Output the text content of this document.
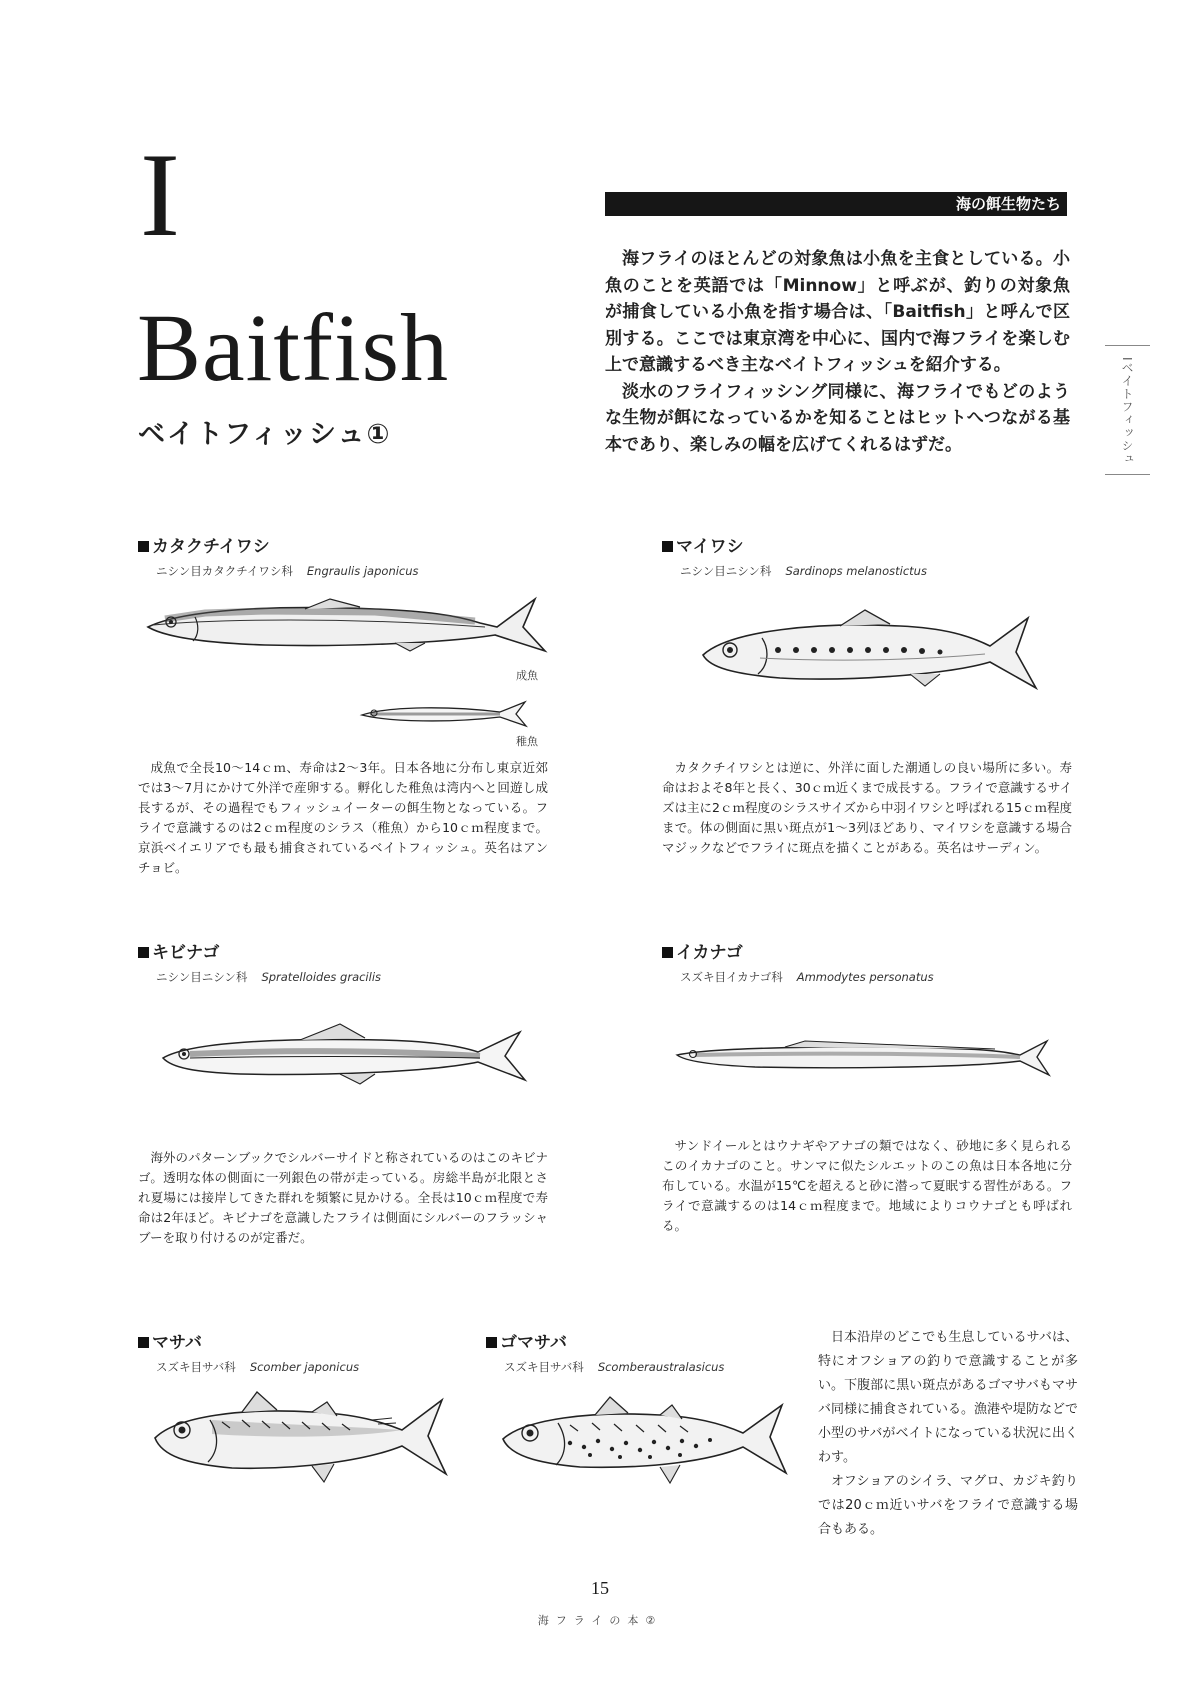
I
Baitfish
ベイトフィッシュ①
海の餌生物たち

海フライのほとんどの対象魚は小魚を主食としている。小魚のことを英語では「Minnow」と呼ぶが、釣りの対象魚が捕食している小魚を指す場合は、「Baitfish」と呼んで区別する。ここでは東京湾を中心に、国内で海フライを楽しむ上で意識するべき主なベイトフィッシュを紹介する。

淡水のフライフィッシング同様に、海フライでもどのような生物が餌になっているかを知ることはヒットへつながる基本であり、楽しみの幅を広げてくれるはずだ。	Iベイトフィッシュ
カタクチイワシ
ニシン目カタクチイワシ科 Engraulis japonicus
成魚
稚魚

成魚で全長10〜14ｃｍ、寿命は2〜3年。日本各地に分布し東京近郊では3〜7月にかけて外洋で産卵する。孵化した稚魚は湾内へと回遊し成長するが、その過程でもフィッシュイーターの餌生物となっている。フライで意識するのは2ｃｍ程度のシラス（稚魚）から10ｃｍ程度まで。京浜ベイエリアでも最も捕食されているベイトフィッシュ。英名はアンチョビ。

マイワシ
ニシン目ニシン科 Sardinops melanostictus

カタクチイワシとは逆に、外洋に面した潮通しの良い場所に多い。寿命はおよそ8年と長く、30ｃｍ近くまで成長する。フライで意識するサイズは主に2ｃｍ程度のシラスサイズから中羽イワシと呼ばれる15ｃｍ程度まで。体の側面に黒い斑点が1〜3列ほどあり、マイワシを意識する場合マジックなどでフライに斑点を描くことがある。英名はサーディン。

キビナゴ
ニシン目ニシン科 Spratelloides gracilis

海外のパターンブックでシルバーサイドと称されているのはこのキビナゴ。透明な体の側面に一列銀色の帯が走っている。房総半島が北限とされ夏場には接岸してきた群れを頻繁に見かける。全長は10ｃｍ程度で寿命は2年ほど。キビナゴを意識したフライは側面にシルバーのフラッシャブーを取り付けるのが定番だ。

イカナゴ
スズキ目イカナゴ科 Ammodytes personatus

サンドイールとはウナギやアナゴの類ではなく、砂地に多く見られるこのイカナゴのこと。サンマに似たシルエットのこの魚は日本各地に分布している。水温が15℃を超えると砂に潜って夏眠する習性がある。フライで意識するのは14ｃｍ程度まで。地域によりコウナゴとも呼ばれる。

マサバ
スズキ目サバ科 Scomber japonicus
ゴマサバ
スズキ目サバ科 Scomberaustralasicus

日本沿岸のどこでも生息しているサバは、特にオフショアの釣りで意識することが多い。下腹部に黒い斑点があるゴマサバもマサバ同様に捕食されている。漁港や堤防などで小型のサバがベイトになっている状況に出くわす。

オフショアのシイラ、マグロ、カジキ釣りでは20ｃｍ近いサバをフライで意識する場合もある。

15
海フライの本②
